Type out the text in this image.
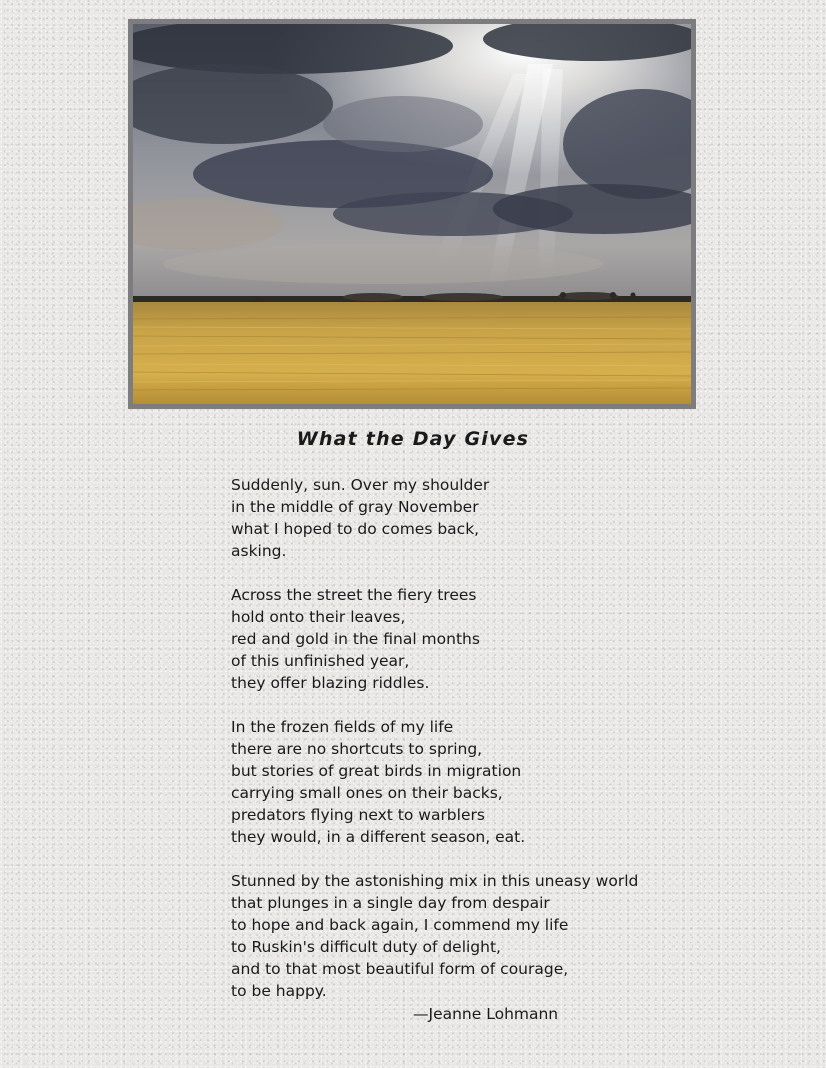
What the Day Gives
Suddenly, sun. Over my shoulder
in the middle of gray November
what I hoped to do comes back,
asking.
Across the street the fiery trees
hold onto their leaves,
red and gold in the final months
of this unfinished year,
they offer blazing riddles.
In the frozen fields of my life
there are no shortcuts to spring,
but stories of great birds in migration
carrying small ones on their backs,
predators flying next to warblers
they would, in a different season, eat.
Stunned by the astonishing mix in this uneasy world
that plunges in a single day from despair
to hope and back again, I commend my life
to Ruskin's difficult duty of delight,
and to that most beautiful form of courage,
to be happy.
—Jeanne Lohmann
